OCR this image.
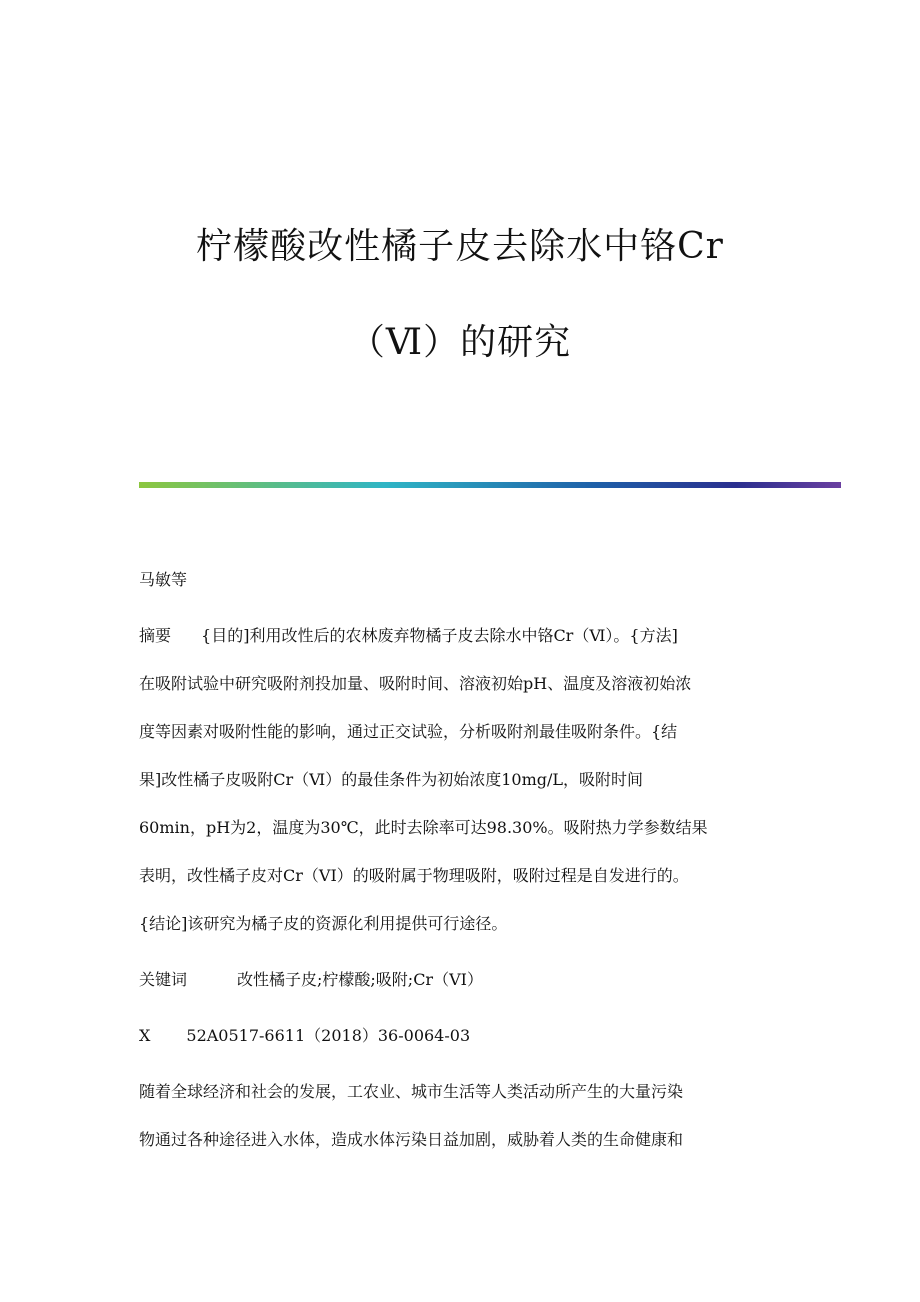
柠檬酸改性橘子皮去除水中铬Cr
（Ⅵ）的研究
马敏等
摘要 {目的]利用改性后的农林废弃物橘子皮去除水中铬Cr（Ⅵ）。{方法]
在吸附试验中研究吸附剂投加量、吸附时间、溶液初始pH、温度及溶液初始浓
度等因素对吸附性能的影响，通过正交试验，分析吸附剂最佳吸附条件。{结
果]改性橘子皮吸附Cr（Ⅵ）的最佳条件为初始浓度10mg/L，吸附时间
60min，pH为2，温度为30℃，此时去除率可达98.30%。吸附热力学参数结果
表明，改性橘子皮对Cr（VI）的吸附属于物理吸附，吸附过程是自发进行的。
{结论]该研究为橘子皮的资源化利用提供可行途径。
关键词	改性橘子皮;柠檬酸;吸附;Cr（VI）
X 52A0517-6611（2018）36-0064-03
随着全球经济和社会的发展，工农业、城市生活等人类活动所产生的大量污染
物通过各种途径进入水体，造成水体污染日益加剧，威胁着人类的生命健康和
